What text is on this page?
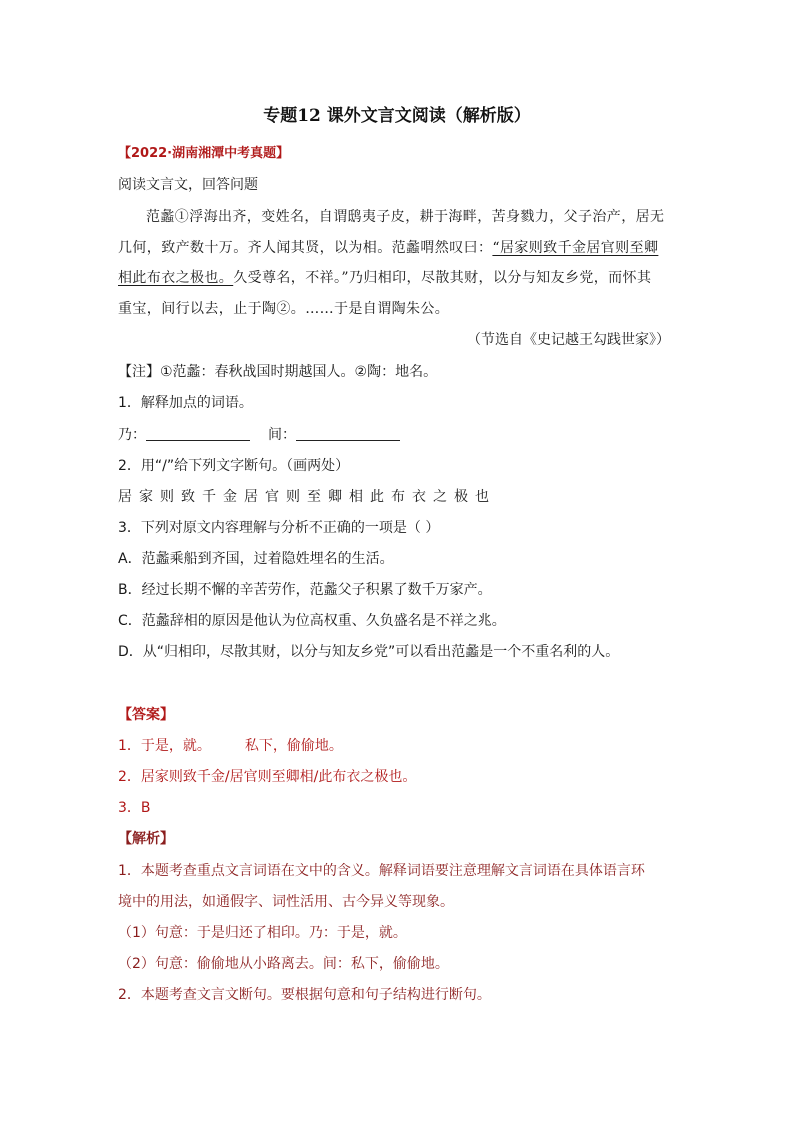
专题12 课外文言文阅读（解析版）
【2022·湖南湘潭中考真题】
阅读文言文，回答问题
范蠡①浮海出齐，变姓名，自谓鸱夷子皮，耕于海畔，苦身戮力，父子治产，居无
几何，致产数十万。齐人闻其贤，以为相。范蠡喟然叹曰：“居家则致千金居官则至卿
相此布衣之极也。久受尊名，不祥。”乃归相印，尽散其财，以分与知友乡党，而怀其
重宝，间行以去，止于陶②。……于是自谓陶朱公。
（节选自《史记越王勾践世家》）
【注】①范蠡：春秋战国时期越国人。②陶：地名。
1．解释加点的词语。
乃：	间：
2．用“/”给下列文字断句。（画两处）
居家则致千金居官则至卿相此布衣之极也
3．下列对原文内容理解与分析不正确的一项是（ ）
A．范蠡乘船到齐国，过着隐姓埋名的生活。
B．经过长期不懈的辛苦劳作，范蠡父子积累了数千万家产。
C．范蠡辞相的原因是他认为位高权重、久负盛名是不祥之兆。
D．从“归相印，尽散其财，以分与知友乡党”可以看出范蠡是一个不重名利的人。
【答案】
1．于是，就。 私下，偷偷地。
2．居家则致千金/居官则至卿相/此布衣之极也。
3．B
【解析】
1．本题考查重点文言词语在文中的含义。解释词语要注意理解文言词语在具体语言环
境中的用法，如通假字、词性活用、古今异义等现象。
（1）句意：于是归还了相印。乃：于是，就。
（2）句意：偷偷地从小路离去。间：私下，偷偷地。
2．本题考查文言文断句。要根据句意和句子结构进行断句。
